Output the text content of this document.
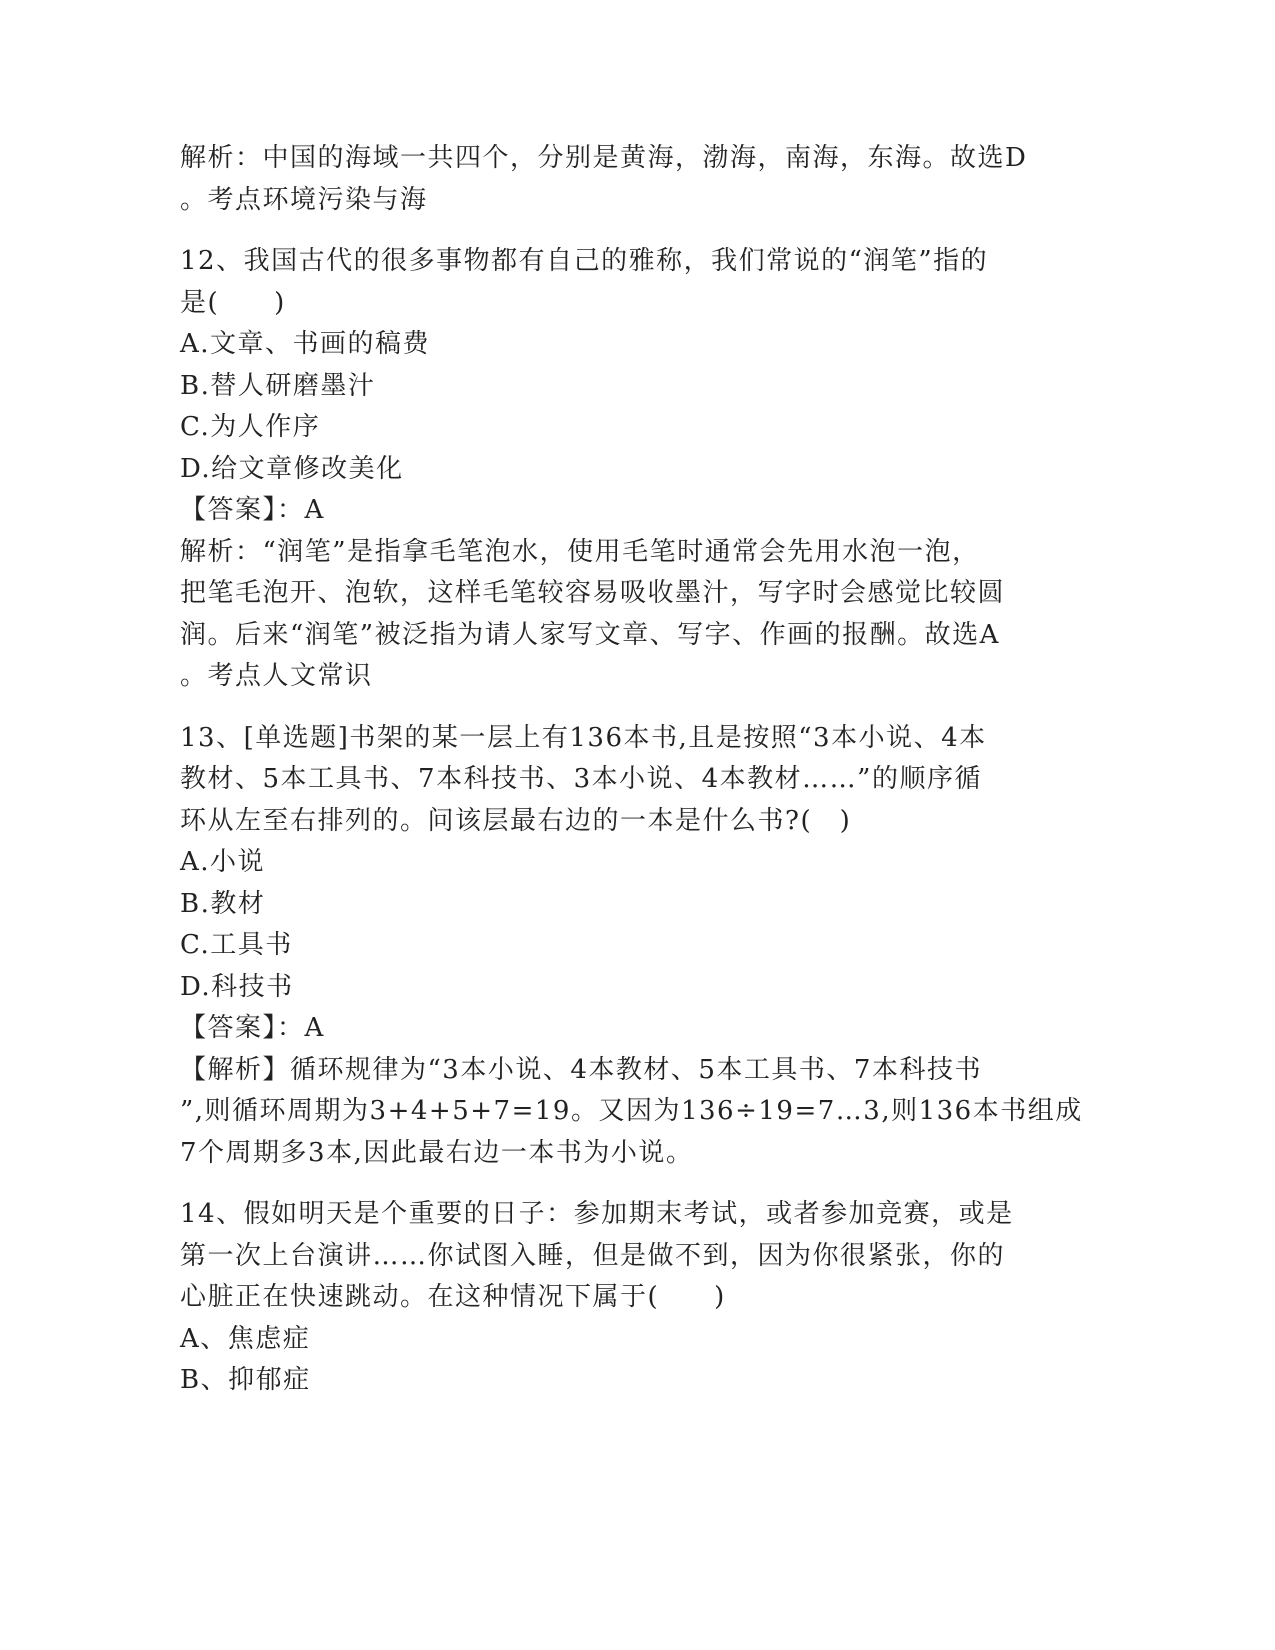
解析：中国的海域一共四个，分别是黄海，渤海，南海，东海。故选D
。考点环境污染与海
12、我国古代的很多事物都有自己的雅称，我们常说的“润笔”指的
是(　　)
A.文章、书画的稿费
B.替人研磨墨汁
C.为人作序
D.给文章修改美化
【答案】：A
解析：“润笔”是指拿毛笔泡水，使用毛笔时通常会先用水泡一泡，
把笔毛泡开、泡软，这样毛笔较容易吸收墨汁，写字时会感觉比较圆
润。后来“润笔”被泛指为请人家写文章、写字、作画的报酬。故选A
。考点人文常识
13、[单选题]书架的某一层上有136本书,且是按照“3本小说、4本
教材、5本工具书、7本科技书、3本小说、4本教材……”的顺序循
环从左至右排列的。问该层最右边的一本是什么书?(　)
A.小说
B.教材
C.工具书
D.科技书
【答案】：A
【解析】循环规律为“3本小说、4本教材、5本工具书、7本科技书
”,则循环周期为3+4+5+7=19。又因为136÷19=7…3,则136本书组成
7个周期多3本,因此最右边一本书为小说。
14、假如明天是个重要的日子：参加期末考试，或者参加竞赛，或是
第一次上台演讲……你试图入睡，但是做不到，因为你很紧张，你的
心脏正在快速跳动。在这种情况下属于(　　)
A、焦虑症
B、抑郁症
